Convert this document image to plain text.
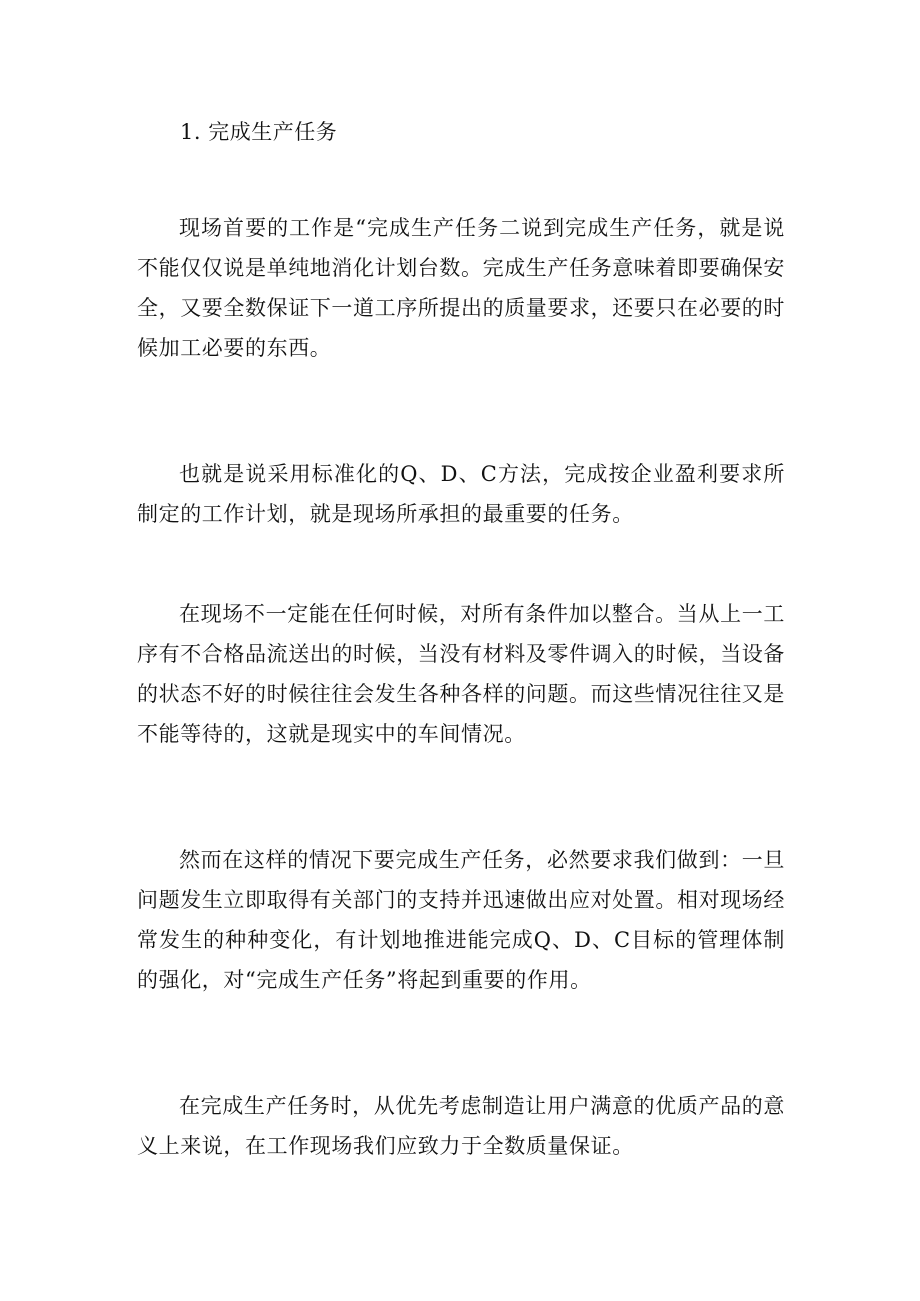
1. 完成生产任务

现场首要的工作是“完成生产任务二说到完成生产任务，就是说不能仅仅说是单纯地消化计划台数。完成生产任务意味着即要确保安全，又要全数保证下一道工序所提出的质量要求，还要只在必要的时候加工必要的东西。

也就是说采用标准化的Q、D、C方法，完成按企业盈利要求所制定的工作计划，就是现场所承担的最重要的任务。

在现场不一定能在任何时候，对所有条件加以整合。当从上一工序有不合格品流送出的时候，当没有材料及零件调入的时候，当设备的状态不好的时候往往会发生各种各样的问题。而这些情况往往又是不能等待的，这就是现实中的车间情况。

然而在这样的情况下要完成生产任务，必然要求我们做到：一旦问题发生立即取得有关部门的支持并迅速做出应对处置。相对现场经常发生的种种变化，有计划地推进能完成Q、D、C目标的管理体制的强化，对“完成生产任务”将起到重要的作用。

在完成生产任务时，从优先考虑制造让用户满意的优质产品的意义上来说，在工作现场我们应致力于全数质量保证。
